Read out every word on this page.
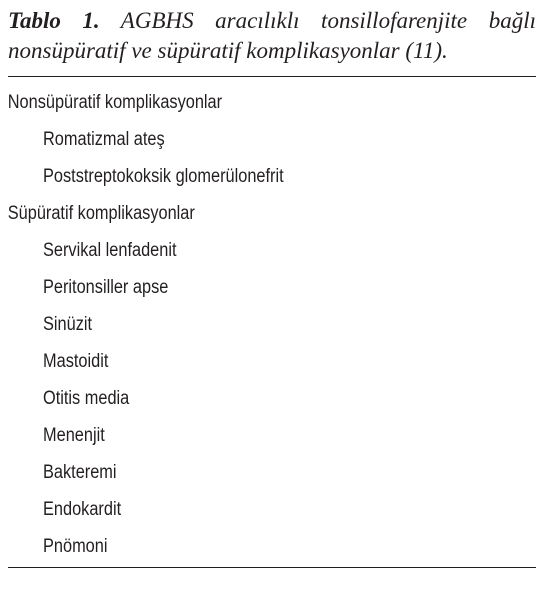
Tablo 1. AGBHS aracılıklı tonsillofarenjite bağlı
nonsüpüratif ve süpüratif komplikasyonlar (11).
Nonsüpüratif komplikasyonlar
Romatizmal ateş
Poststreptokoksik glomerülonefrit
Süpüratif komplikasyonlar
Servikal lenfadenit
Peritonsiller apse
Sinüzit
Mastoidit
Otitis media
Menenjit
Bakteremi
Endokardit
Pnömoni
